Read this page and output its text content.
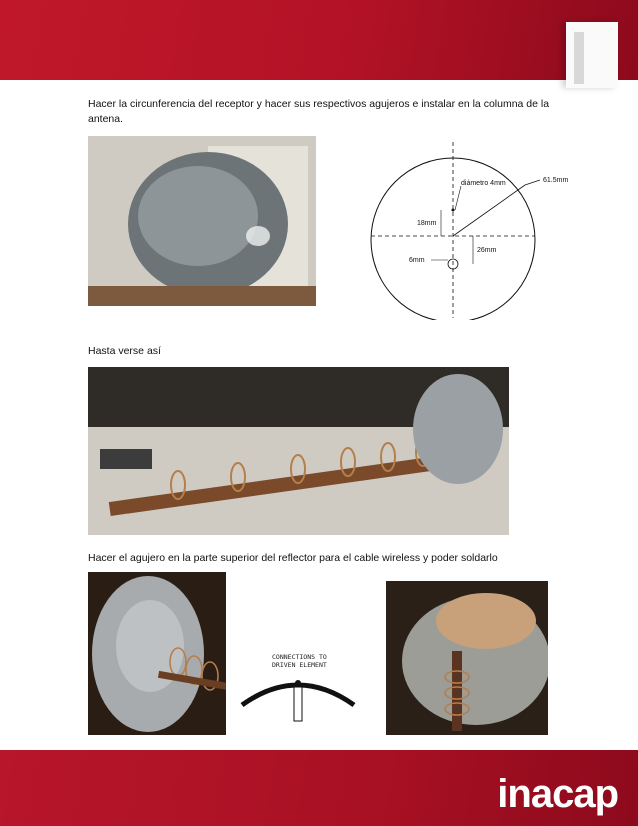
Hacer la circunferencia del receptor y hacer sus respectivos agujeros e instalar en la columna de la antena.

diámetro 4mm	61.5mm
18mm
26mm
6mm

Hasta verse así

Hacer el agujero en la parte superior del reflector para el cable wireless y poder soldarlo

CONNECTIONS TO
DRIVEN ELEMENT
inacap
